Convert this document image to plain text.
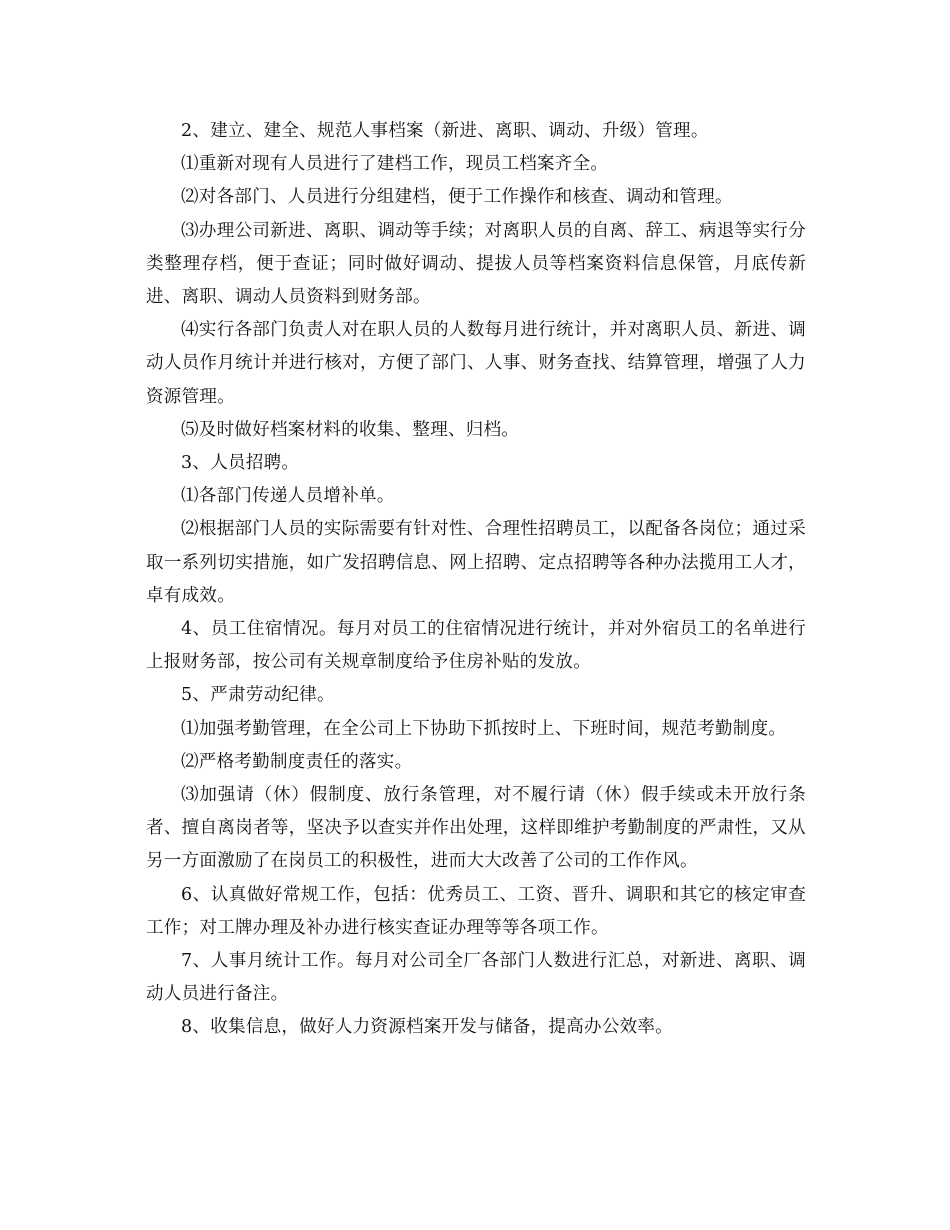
2、建立、建全、规范人事档案（新进、离职、调动、升级）管理。

⑴重新对现有人员进行了建档工作，现员工档案齐全。

⑵对各部门、人员进行分组建档，便于工作操作和核查、调动和管理。

⑶办理公司新进、离职、调动等手续；对离职人员的自离、辞工、病退等实行分类整理存档，便于查证；同时做好调动、提拔人员等档案资料信息保管，月底传新进、离职、调动人员资料到财务部。

⑷实行各部门负责人对在职人员的人数每月进行统计，并对离职人员、新进、调动人员作月统计并进行核对，方便了部门、人事、财务查找、结算管理，增强了人力资源管理。

⑸及时做好档案材料的收集、整理、归档。

3、人员招聘。

⑴各部门传递人员增补单。

⑵根据部门人员的实际需要有针对性、合理性招聘员工，以配备各岗位；通过采取一系列切实措施，如广发招聘信息、网上招聘、定点招聘等各种办法揽用工人才，卓有成效。

4、员工住宿情况。每月对员工的住宿情况进行统计，并对外宿员工的名单进行上报财务部，按公司有关规章制度给予住房补贴的发放。

5、严肃劳动纪律。

⑴加强考勤管理，在全公司上下协助下抓按时上、下班时间，规范考勤制度。

⑵严格考勤制度责任的落实。

⑶加强请（休）假制度、放行条管理，对不履行请（休）假手续或未开放行条者、擅自离岗者等，坚决予以查实并作出处理，这样即维护考勤制度的严肃性，又从另一方面激励了在岗员工的积极性，进而大大改善了公司的工作作风。

6、认真做好常规工作，包括：优秀员工、工资、晋升、调职和其它的核定审查工作；对工牌办理及补办进行核实查证办理等等各项工作。

7、人事月统计工作。每月对公司全厂各部门人数进行汇总，对新进、离职、调动人员进行备注。

8、收集信息，做好人力资源档案开发与储备，提高办公效率。
